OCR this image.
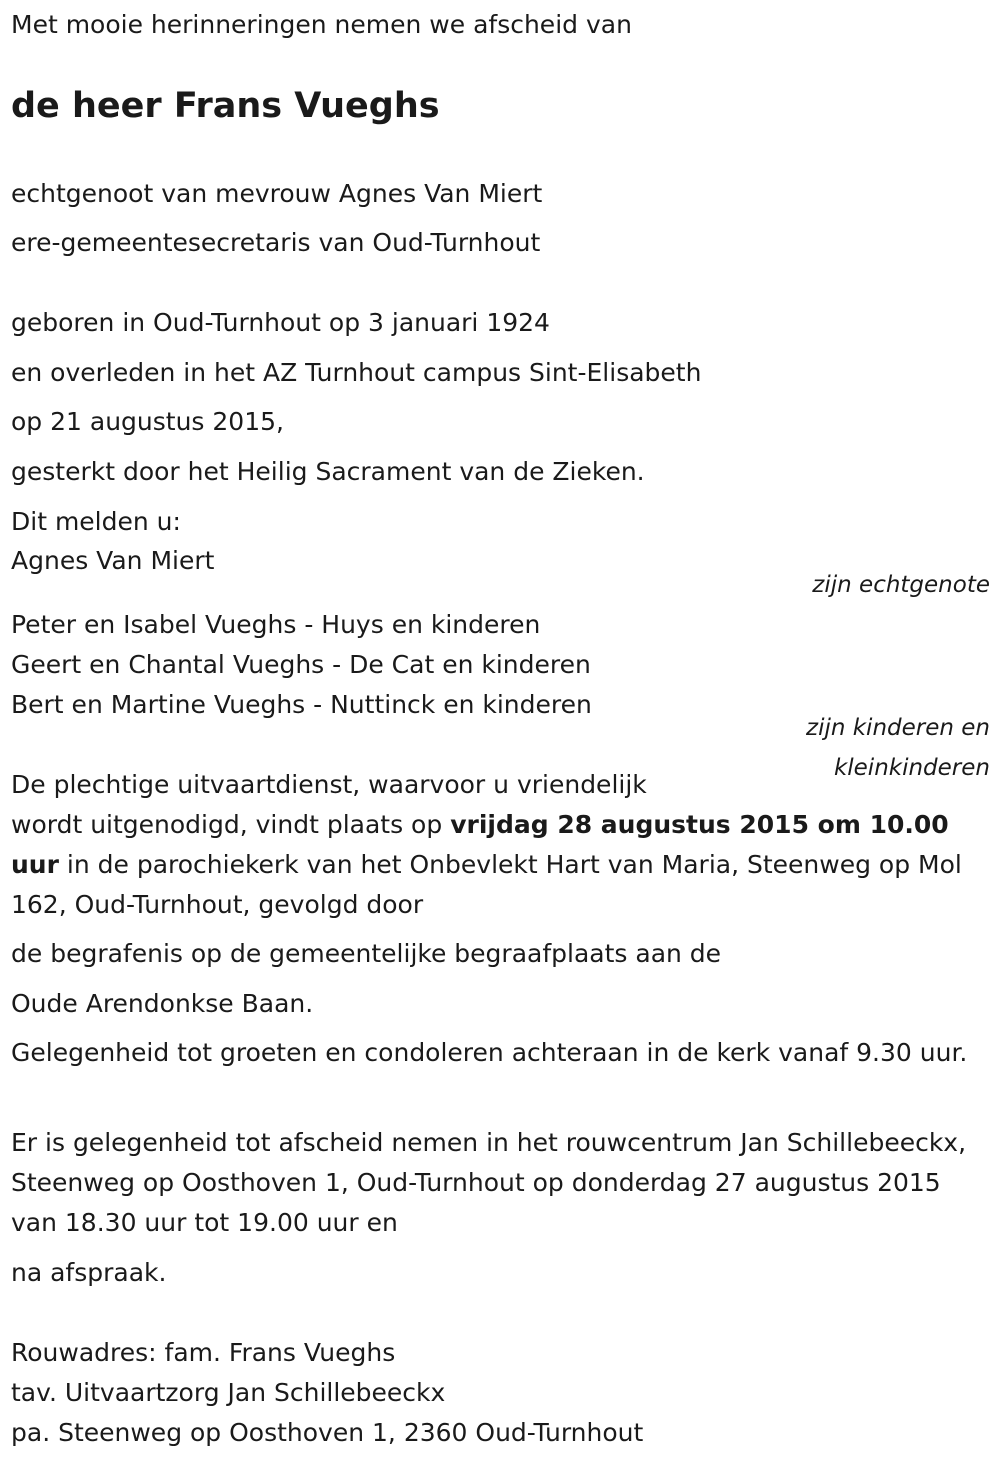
Met mooie herinneringen nemen we afscheid van

de heer Frans Vueghs

echtgenoot van mevrouw Agnes Van Miert

ere-gemeentesecretaris van Oud-Turnhout

geboren in Oud-Turnhout op 3 januari 1924

en overleden in het AZ Turnhout campus Sint-Elisabeth

op 21 augustus 2015,

gesterkt door het Heilig Sacrament van de Zieken.

Dit melden u:

Agnes Van Miert

zijn echtgenote

Peter en Isabel Vueghs - Huys en kinderen

Geert en Chantal Vueghs - De Cat en kinderen

Bert en Martine Vueghs - Nuttinck en kinderen

zijn kinderen en

kleinkinderen

De plechtige uitvaartdienst, waarvoor u vriendelijk

wordt uitgenodigd, vindt plaats op vrijdag 28 augustus 2015 om 10.00 uur in de parochiekerk van het Onbevlekt Hart van Maria, Steenweg op Mol 162, Oud-Turnhout, gevolgd door

de begrafenis op de gemeentelijke begraafplaats aan de

Oude Arendonkse Baan.

Gelegenheid tot groeten en condoleren achteraan in de kerk vanaf 9.30 uur.

Er is gelegenheid tot afscheid nemen in het rouwcentrum Jan Schillebeeckx, Steenweg op Oosthoven 1, Oud-Turnhout op donderdag 27 augustus 2015 van 18.30 uur tot 19.00 uur en

na afspraak.

Rouwadres: fam. Frans Vueghs

tav. Uitvaartzorg Jan Schillebeeckx

pa. Steenweg op Oosthoven 1, 2360 Oud-Turnhout
